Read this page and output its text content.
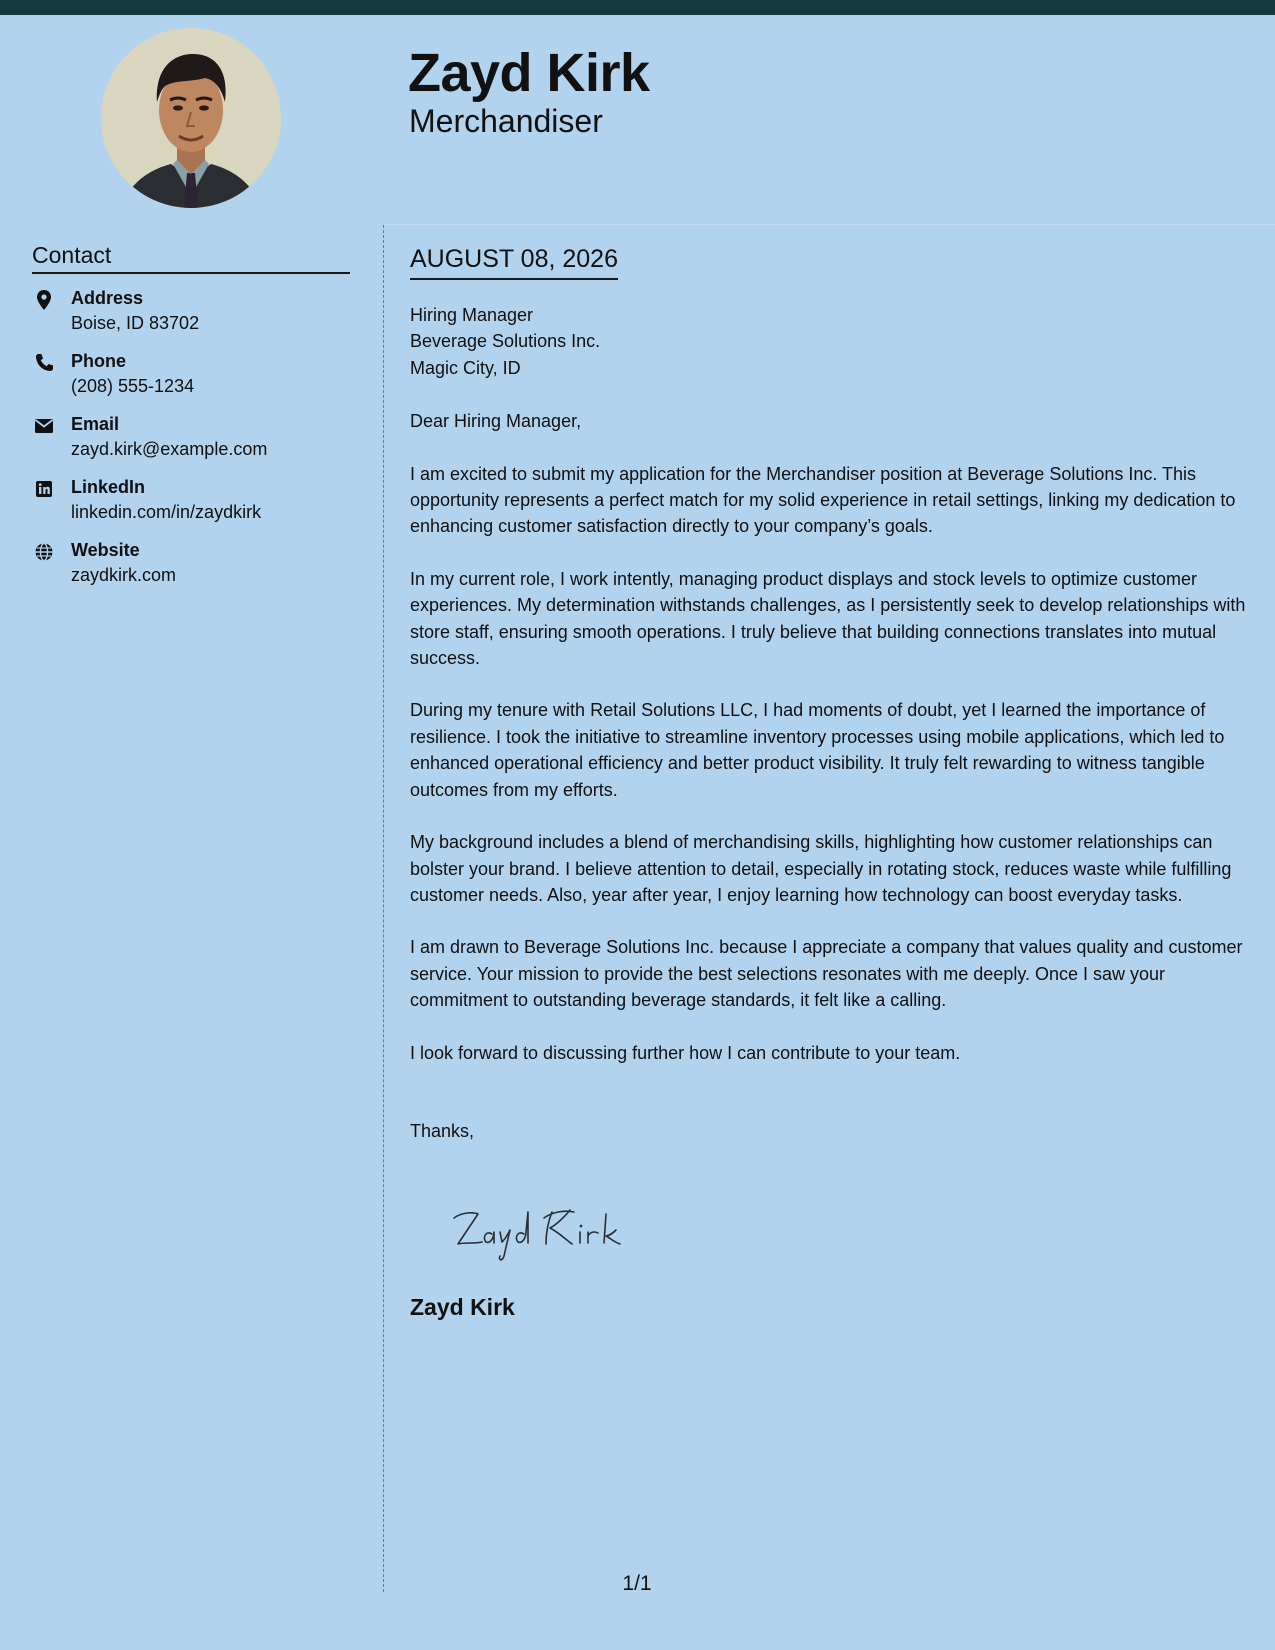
Zayd Kirk
Merchandiser
Contact
Address
Boise, ID 83702
Phone
(208) 555-1234
Email
zayd.kirk@example.com
LinkedIn
linkedin.com/in/zaydkirk
Website
zaydkirk.com
AUGUST 08, 2026

Hiring Manager
Beverage Solutions Inc.
Magic City, ID

Dear Hiring Manager,

I am excited to submit my application for the Merchandiser position at Beverage Solutions Inc. This opportunity represents a perfect match for my solid experience in retail settings, linking my dedication to enhancing customer satisfaction directly to your company’s goals.

In my current role, I work intently, managing product displays and stock levels to optimize customer experiences. My determination withstands challenges, as I persistently seek to develop relationships with store staff, ensuring smooth operations. I truly believe that building connections translates into mutual success.

During my tenure with Retail Solutions LLC, I had moments of doubt, yet I learned the importance of resilience. I took the initiative to streamline inventory processes using mobile applications, which led to enhanced operational efficiency and better product visibility. It truly felt rewarding to witness tangible outcomes from my efforts.

My background includes a blend of merchandising skills, highlighting how customer relationships can bolster your brand. I believe attention to detail, especially in rotating stock, reduces waste while fulfilling customer needs. Also, year after year, I enjoy learning how technology can boost everyday tasks.

I am drawn to Beverage Solutions Inc. because I appreciate a company that values quality and customer service. Your mission to provide the best selections resonates with me deeply. Once I saw your commitment to outstanding beverage standards, it felt like a calling.

I look forward to discussing further how I can contribute to your team.

Thanks,

Zayd Kirk
1/1
